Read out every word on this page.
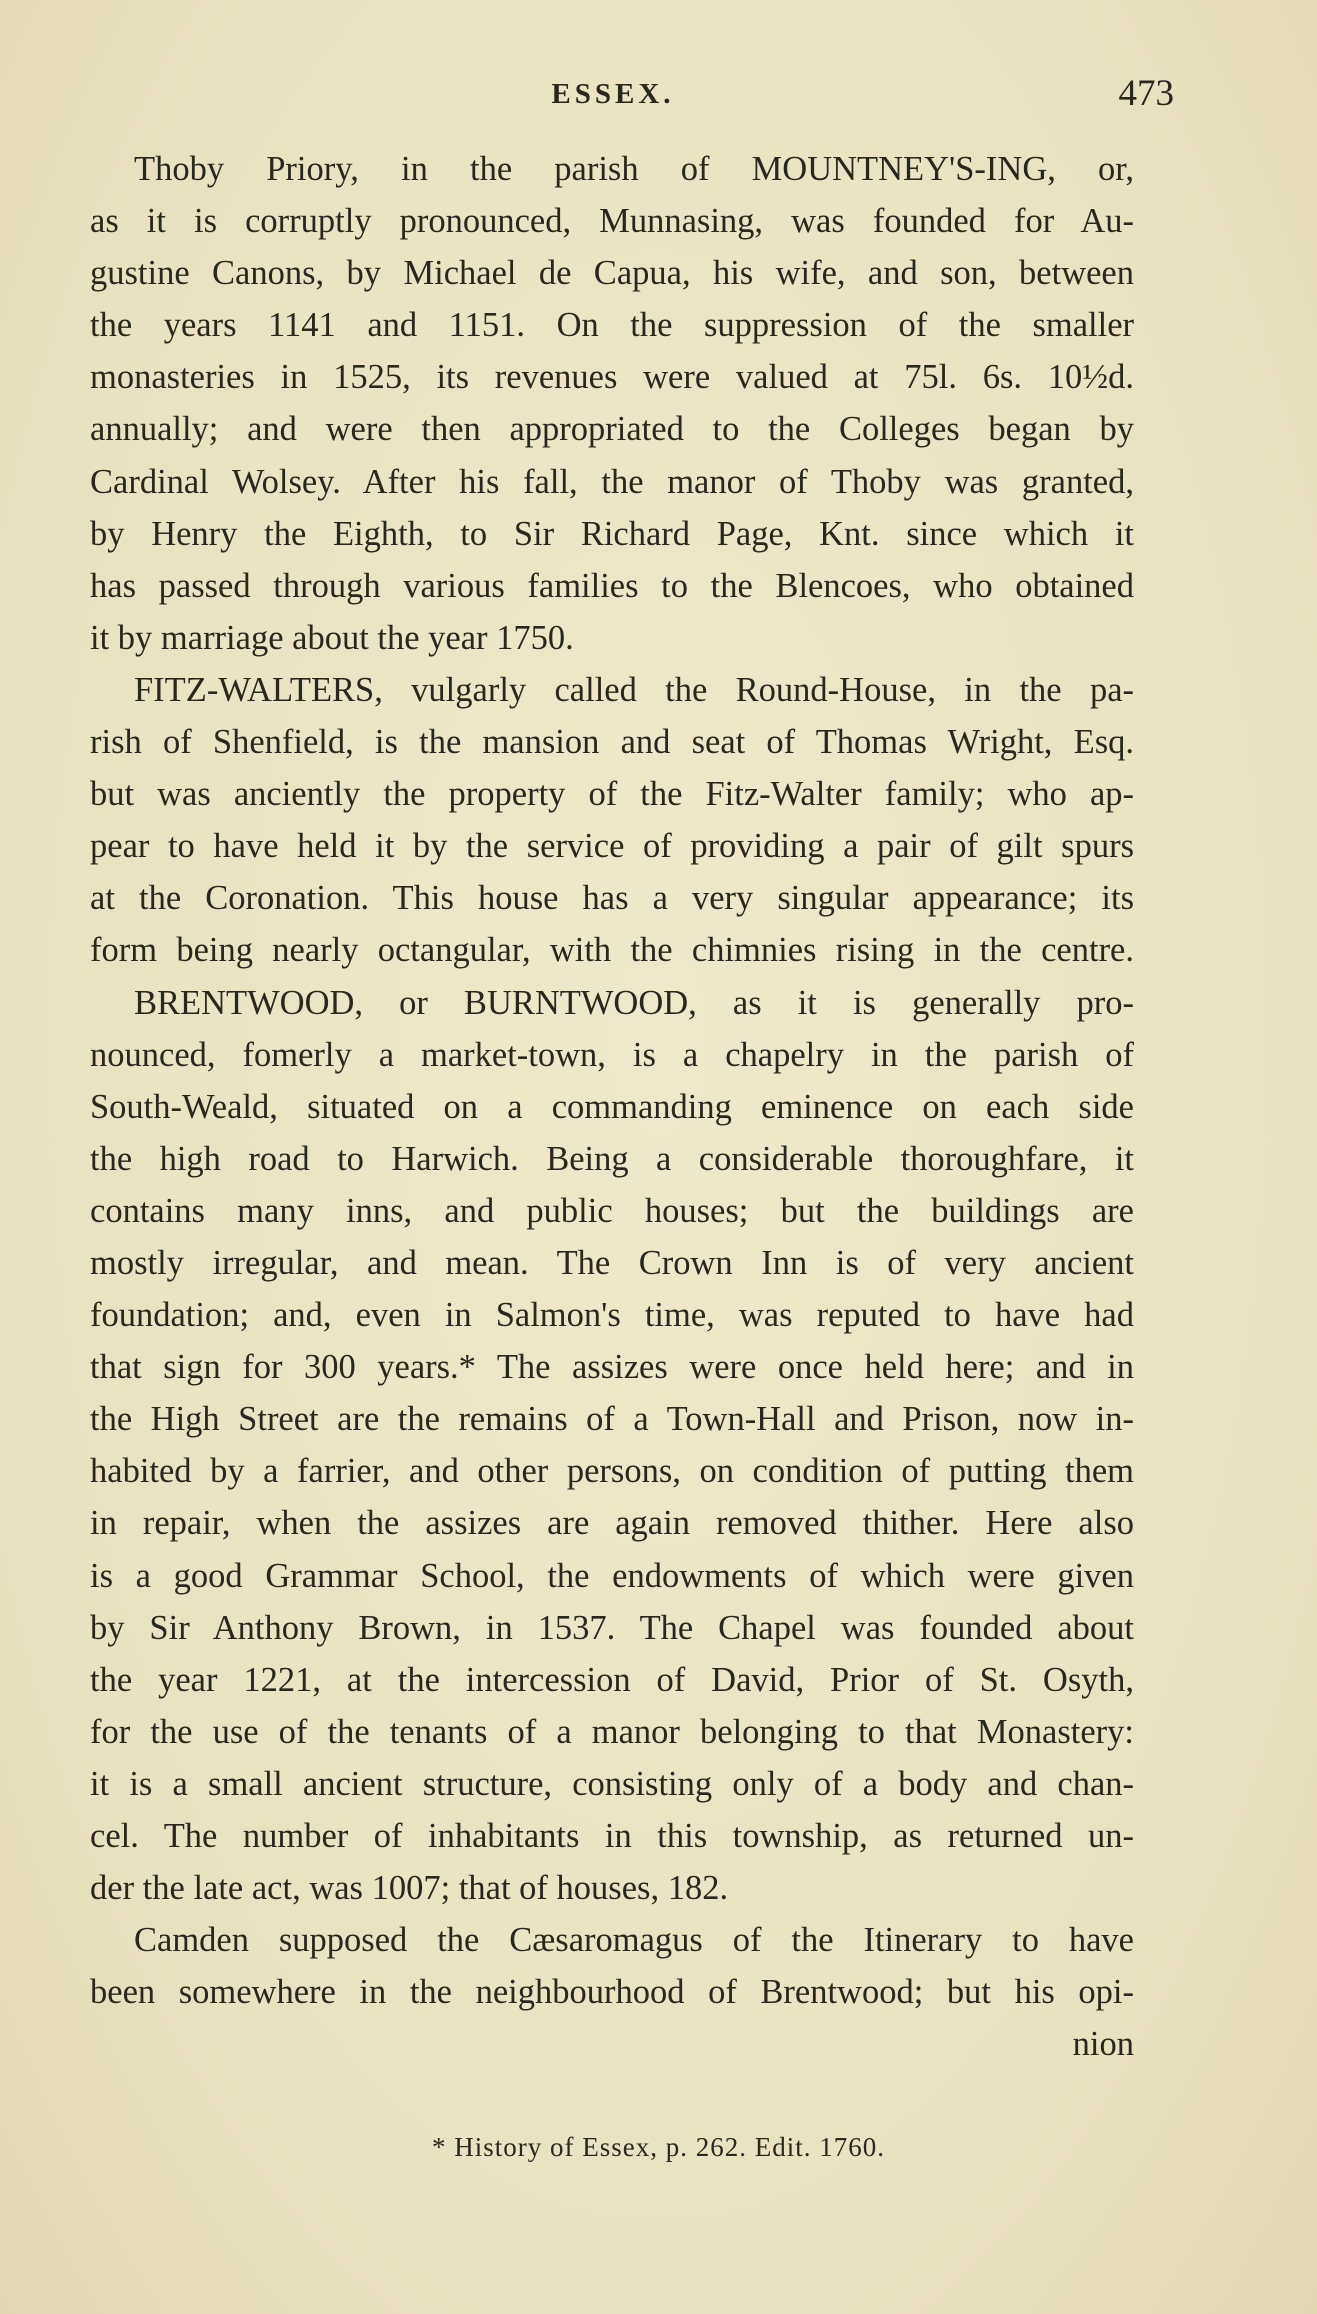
ESSEX.	473
Thoby Priory, in the parish of MOUNTNEY'S-ING, or,
as it is corruptly pronounced, Munnasing, was founded for Au-
gustine Canons, by Michael de Capua, his wife, and son, between
the years 1141 and 1151. On the suppression of the smaller
monasteries in 1525, its revenues were valued at 75l. 6s. 10½d.
annually; and were then appropriated to the Colleges began by
Cardinal Wolsey. After his fall, the manor of Thoby was granted,
by Henry the Eighth, to Sir Richard Page, Knt. since which it
has passed through various families to the Blencoes, who obtained
it by marriage about the year 1750.
FITZ-WALTERS, vulgarly called the Round-House, in the pa-
rish of Shenfield, is the mansion and seat of Thomas Wright, Esq.
but was anciently the property of the Fitz-Walter family; who ap-
pear to have held it by the service of providing a pair of gilt spurs
at the Coronation. This house has a very singular appearance; its
form being nearly octangular, with the chimnies rising in the centre.
BRENTWOOD, or BURNTWOOD, as it is generally pro-
nounced, fomerly a market-town, is a chapelry in the parish of
South-Weald, situated on a commanding eminence on each side
the high road to Harwich. Being a considerable thoroughfare, it
contains many inns, and public houses; but the buildings are
mostly irregular, and mean. The Crown Inn is of very ancient
foundation; and, even in Salmon's time, was reputed to have had
that sign for 300 years.* The assizes were once held here; and in
the High Street are the remains of a Town-Hall and Prison, now in-
habited by a farrier, and other persons, on condition of putting them
in repair, when the assizes are again removed thither. Here also
is a good Grammar School, the endowments of which were given
by Sir Anthony Brown, in 1537. The Chapel was founded about
the year 1221, at the intercession of David, Prior of St. Osyth,
for the use of the tenants of a manor belonging to that Monastery:
it is a small ancient structure, consisting only of a body and chan-
cel. The number of inhabitants in this township, as returned un-
der the late act, was 1007; that of houses, 182.
Camden supposed the Cæsaromagus of the Itinerary to have
been somewhere in the neighbourhood of Brentwood; but his opi-
nion
* History of Essex, p. 262. Edit. 1760.
